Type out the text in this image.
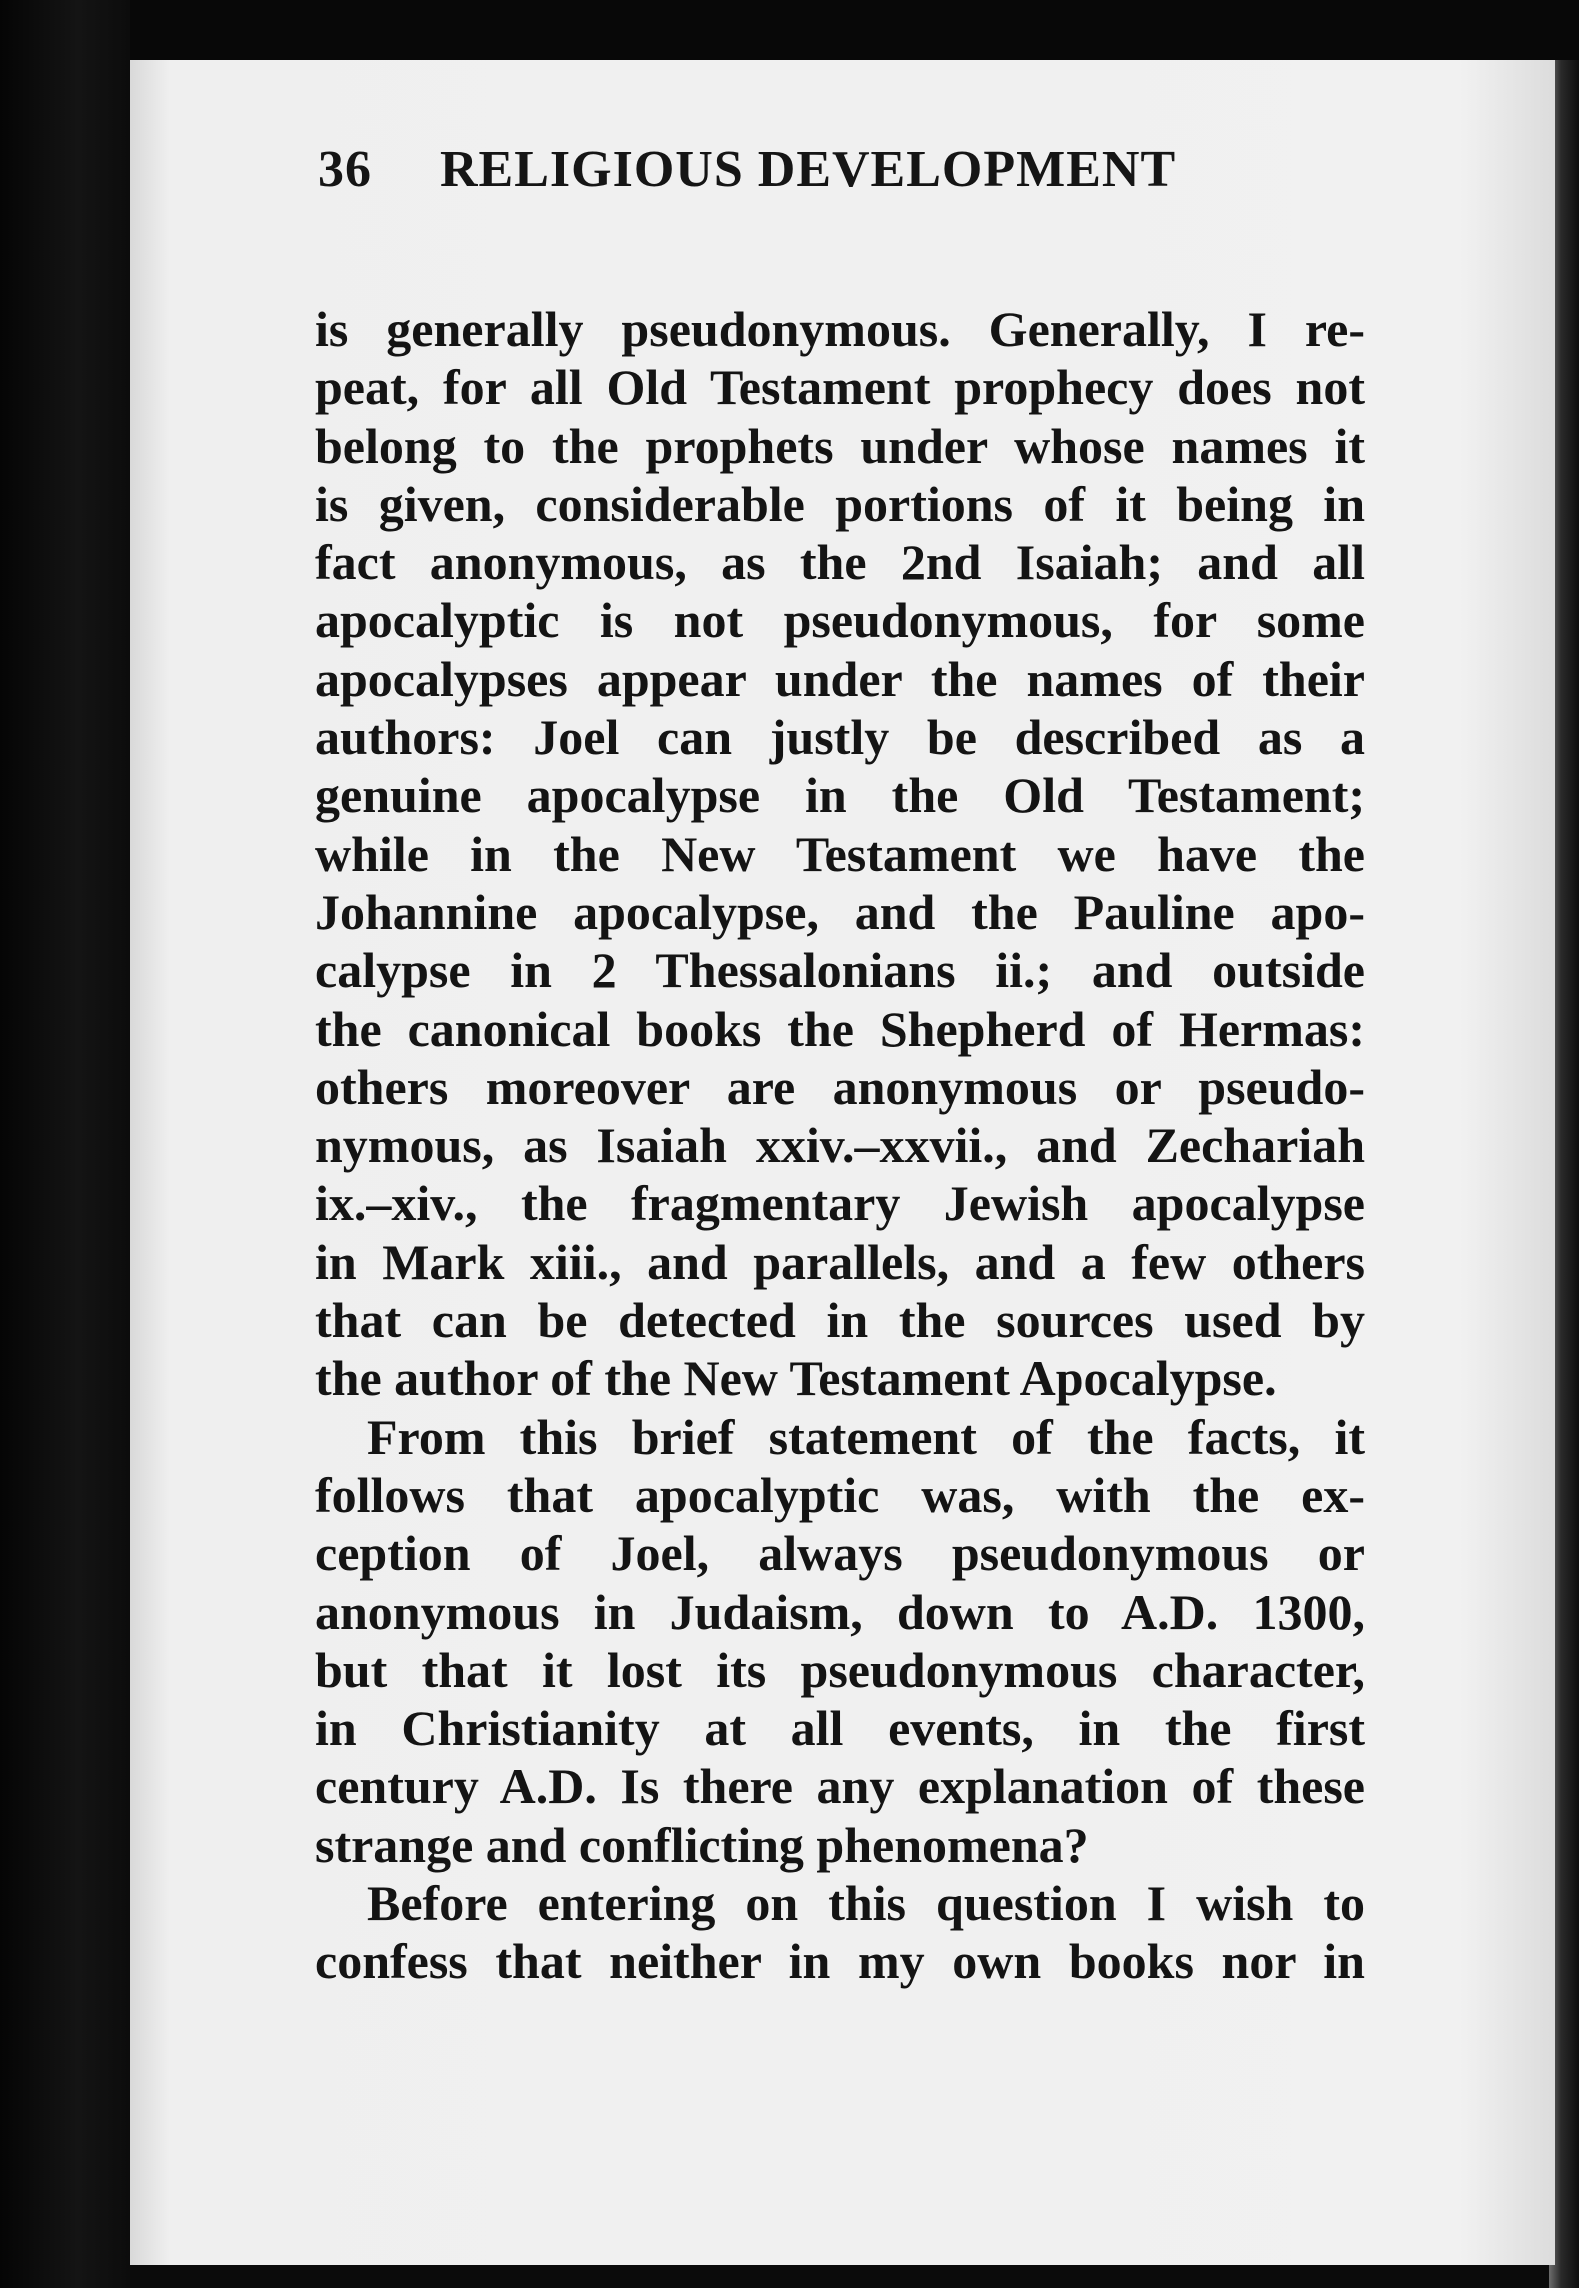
36 RELIGIOUS DEVELOPMENT
is generally pseudonymous. Generally, I re-
peat, for all Old Testament prophecy does not
belong to the prophets under whose names it
is given, considerable portions of it being in
fact anonymous, as the 2nd Isaiah; and all
apocalyptic is not pseudonymous, for some
apocalypses appear under the names of their
authors: Joel can justly be described as a
genuine apocalypse in the Old Testament;
while in the New Testament we have the
Johannine apocalypse, and the Pauline apo-
calypse in 2 Thessalonians ii.; and outside
the canonical books the Shepherd of Hermas:
others moreover are anonymous or pseudo-
nymous, as Isaiah xxiv.–xxvii., and Zechariah
ix.–xiv., the fragmentary Jewish apocalypse
in Mark xiii., and parallels, and a few others
that can be detected in the sources used by
the author of the New Testament Apocalypse.
From this brief statement of the facts, it
follows that apocalyptic was, with the ex-
ception of Joel, always pseudonymous or
anonymous in Judaism, down to A.D. 1300,
but that it lost its pseudonymous character,
in Christianity at all events, in the first
century A.D. Is there any explanation of these
strange and conflicting phenomena?
Before entering on this question I wish to
confess that neither in my own books nor in
